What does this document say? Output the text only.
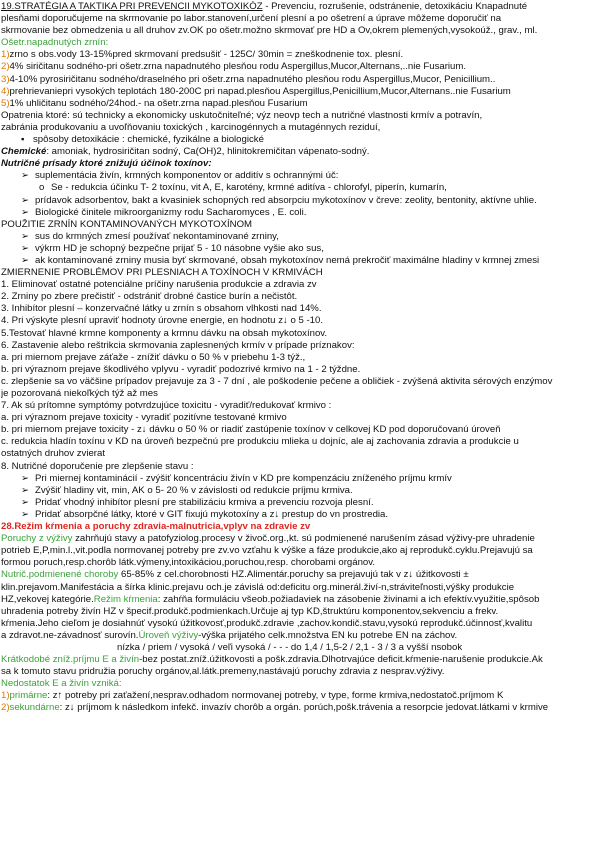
19.STRATÉGIA A TAKTIKA PRI PREVENCII MYKOTOXIKÓZ - Prevenciu, rozrušenie, odstránenie, detoxikáciu Knapadnuté
plesňami doporučujeme na skrmovanie po labor.stanovení,určení plesní a po ošetrení a úprave môžeme doporučiť na
skrmovanie bez obmedzenia u all druhov zv.OK po ošetr.možno skrmovať pre HD a Ov,okrem plemených,vysokoúž., grav., ml.
Ošetr.napadnutých zrnín:
1)zrno s obs.vody 13-15%pred skrmovaní predsušiť - 125C/ 30min = zneškodnenie tox. plesní.
2)4% siričitanu sodného-pri ošetr.zrna napadnutého plesňou rodu Aspergillus,Mucor,Alternans,..nie Fusarium.
3)4-10% pyrosiričitanu sodného/draselného pri ošetr.zrna napadnutého plesňou rodu Aspergillus,Mucor, Penicillium..
4)prehrievaniepri vysokých teplotách 180-200C pri napad.plesňou Aspergillus,Penicillium,Mucor,Alternans..nie Fusarium
5)1% uhličitanu sodného/24hod.- na ošetr.zrna napad.plesňou Fusarium
Opatrenia ktoré: sú technicky a ekonomicky uskutočniteľné; výz neovp tech a nutričné vlastnosti krmív a potravín,
zabránia produkovaniu a uvoľňovaniu toxických , karcinogénnych a mutagénnych reziduí,
▪ spôsoby detoxikácie : chemické, fyzikálne a biologické
Chemické: amoniak, hydrosiričitan sodný, Ca(OH)2, hlinitokremičitan vápenato-sodný.
Nutričné prísady ktoré znižujú účinok toxínov:
➢ suplementácia živín, krmných komponentov or additív s ochrannými úč:
o Se - redukcia účinku T- 2 toxínu, vit A, E, karotény, krmné aditíva - chlorofyl, piperín, kumarín,
➢ prídavok adsorbentov, bakt a kvasiniek schopných red absorpciu mykotoxínov v čreve: zeolity, bentonity, aktívne uhlie.
➢ Biologické činitele mikroorganizmy rodu Sacharomyces , E. coli.
POUŽITIE ZRNÍN KONTAMINOVANÝCH MYKOTOXÍNOM
➢ sus do krmných zmesí používať nekontaminované zrniny,
➢ výkrm HD je schopný bezpečne prijať 5 - 10 násobne vyšie ako sus,
➢ ak kontaminované zrniny musia byť skrmované, obsah mykotoxínov nemá prekročiť maximálne hladiny v krmnej zmesi
ZMIERNENIE PROBLÉMOV PRI PLESNIACH A TOXÍNOCH V KRMIVÁCH
1. Eliminovať ostatné potenciálne príčiny narušenia produkcie a zdravia zv
2. Zrniny po zbere prečistiť - odstrániť drobné častice burín a nečistôt.
3. Inhibítor plesní – konzervačné látky u zrnín s obsahom vlhkosti nad 14%.
4. Pri výskyte plesní upraviť hodnoty úrovne energie, en hodnotu z↓ o 5 -10.
5.Testovať hlavné krmne komponenty a krmnu dávku na obsah mykotoxínov.
6. Zastavenie alebo reštrikcia skrmovania zaplesnených krmív v prípade príznakov:
a. pri miernom prejave záťaže - znížiť dávku o 50 % v priebehu 1-3 týž.,
b. pri výraznom prejave škodlivého vplyvu - vyradiť podozrivé krmivo na 1 - 2 týždne.
c. zlepšenie sa vo väčšine prípadov prejavuje za 3 - 7 dní , ale poškodenie pečene a obličiek - zvýšená aktivita sérových enzýmov
je pozorovaná niekoľkých týž až mes
7. Ak sú prítomne symptómy potvrdzujúce toxicitu - vyradiť/redukovať krmivo :
a. pri výraznom prejave toxicity - vyradiť pozitívne testované krmivo
b. pri miernom prejave toxicity - z↓ dávku o 50 % or riadiť zastúpenie toxínov v celkovej KD pod doporučovanú úroveň
c. redukcia hladín toxínu v KD na úroveň bezpečnú pre produkciu mlieka u dojníc, ale aj zachovania zdravia a produkcie u
ostatných druhov zvierat
8. Nutričné doporučenie pre zlepšenie stavu :
➢ Pri miernej kontaminácií - zvýšiť koncentráciu živín v KD pre kompenzáciu zníženého príjmu krmív
➢ Zvýšiť hladiny vit, min, AK o 5- 20 % v závislosti od redukcie príjmu krmiva.
➢ Pridať vhodný inhibítor plesní pre stabilizáciu krmiva a prevenciu rozvoja plesní.
➢ Pridať absorpčné látky, ktoré v GIT fixujú mykotoxíny a z↓ prestup do vn prostredia.
28.Režim kŕmenia a poruchy zdravia-malnutricia,vplyv na zdravie zv
Poruchy z výživy zahrňujú stavy a patofyziolog.procesy v živoč.org.,kt. sú podmienené narušením zásad výživy-pre uhradenie
potrieb E,P,min.l.,vit.podla normovanej potreby pre zv.vo vzťahu k výške a fáze produkcie,ako aj reprodukč.cyklu.Prejavujú sa
formou poruch,resp.chorôb látk.výmeny,intoxikáciou,poruchou,resp. chorobami orgánov.
Nutrič.podmienené choroby 65-85% z cel.chorobnosti HZ.Alimentár.poruchy sa prejavujú tak v z↓ úžitkovosti ±
klin.prejavom.Manifestácia a šírka klinic.prejavu och.je závislá od:deficitu org.minerál.živí-n,stráviteľnosti,výšky produkcie
HZ,vekovej kategórie.Režim kŕmenia: zahŕňa formuláciu všeob.požiadaviek na zásobenie živinami a ich efektív.využitie,spôsob
uhradenia potreby živín HZ v špecif.produkč.podmienkach.Určuje aj typ KD,štruktúru komponentov,sekvenciu a frekv.
kŕmenia.Jeho cieľom je dosiahnúť vysokú úžitkovosť,produkč.zdravie ,zachov.kondič.stavu,vysokú reprodukč.účinnosť,kvalitu
a zdravot.ne-závadnosť surovín.Úroveň výživy-výška prijatého celk.množstva EN ku potrebe EN na záchov.
nízka / priem / vysoká / veľi vysoká / - - - do 1,4 / 1,5-2 / 2,1 - 3 / 3 a vyšší nsobok
Krátkodobé zníž.príjmu E a živín-bez postat.zníž.úžitkovosti a pošk.zdravia.Dlhotrvajúce deficit.kŕmenie-narušenie produkcie.Ak
sa k tomuto stavu pridružia poruchy orgánov,al.látk.premeny,nastávajú poruchy zdravia z nesprav.výživy.
Nedostatok E a živín vzniká:
1)primárne: z↑ potreby pri zaťažení,nesprav.odhadom normovanej potreby, v type, forme krmiva,nedostatoč.príjmom K
2)sekundárne: z↓ príjmom k následkom infekč. invazív chorôb a orgán. porúch,pošk.trávenia a resorpcie jedovat.látkami v krmive
